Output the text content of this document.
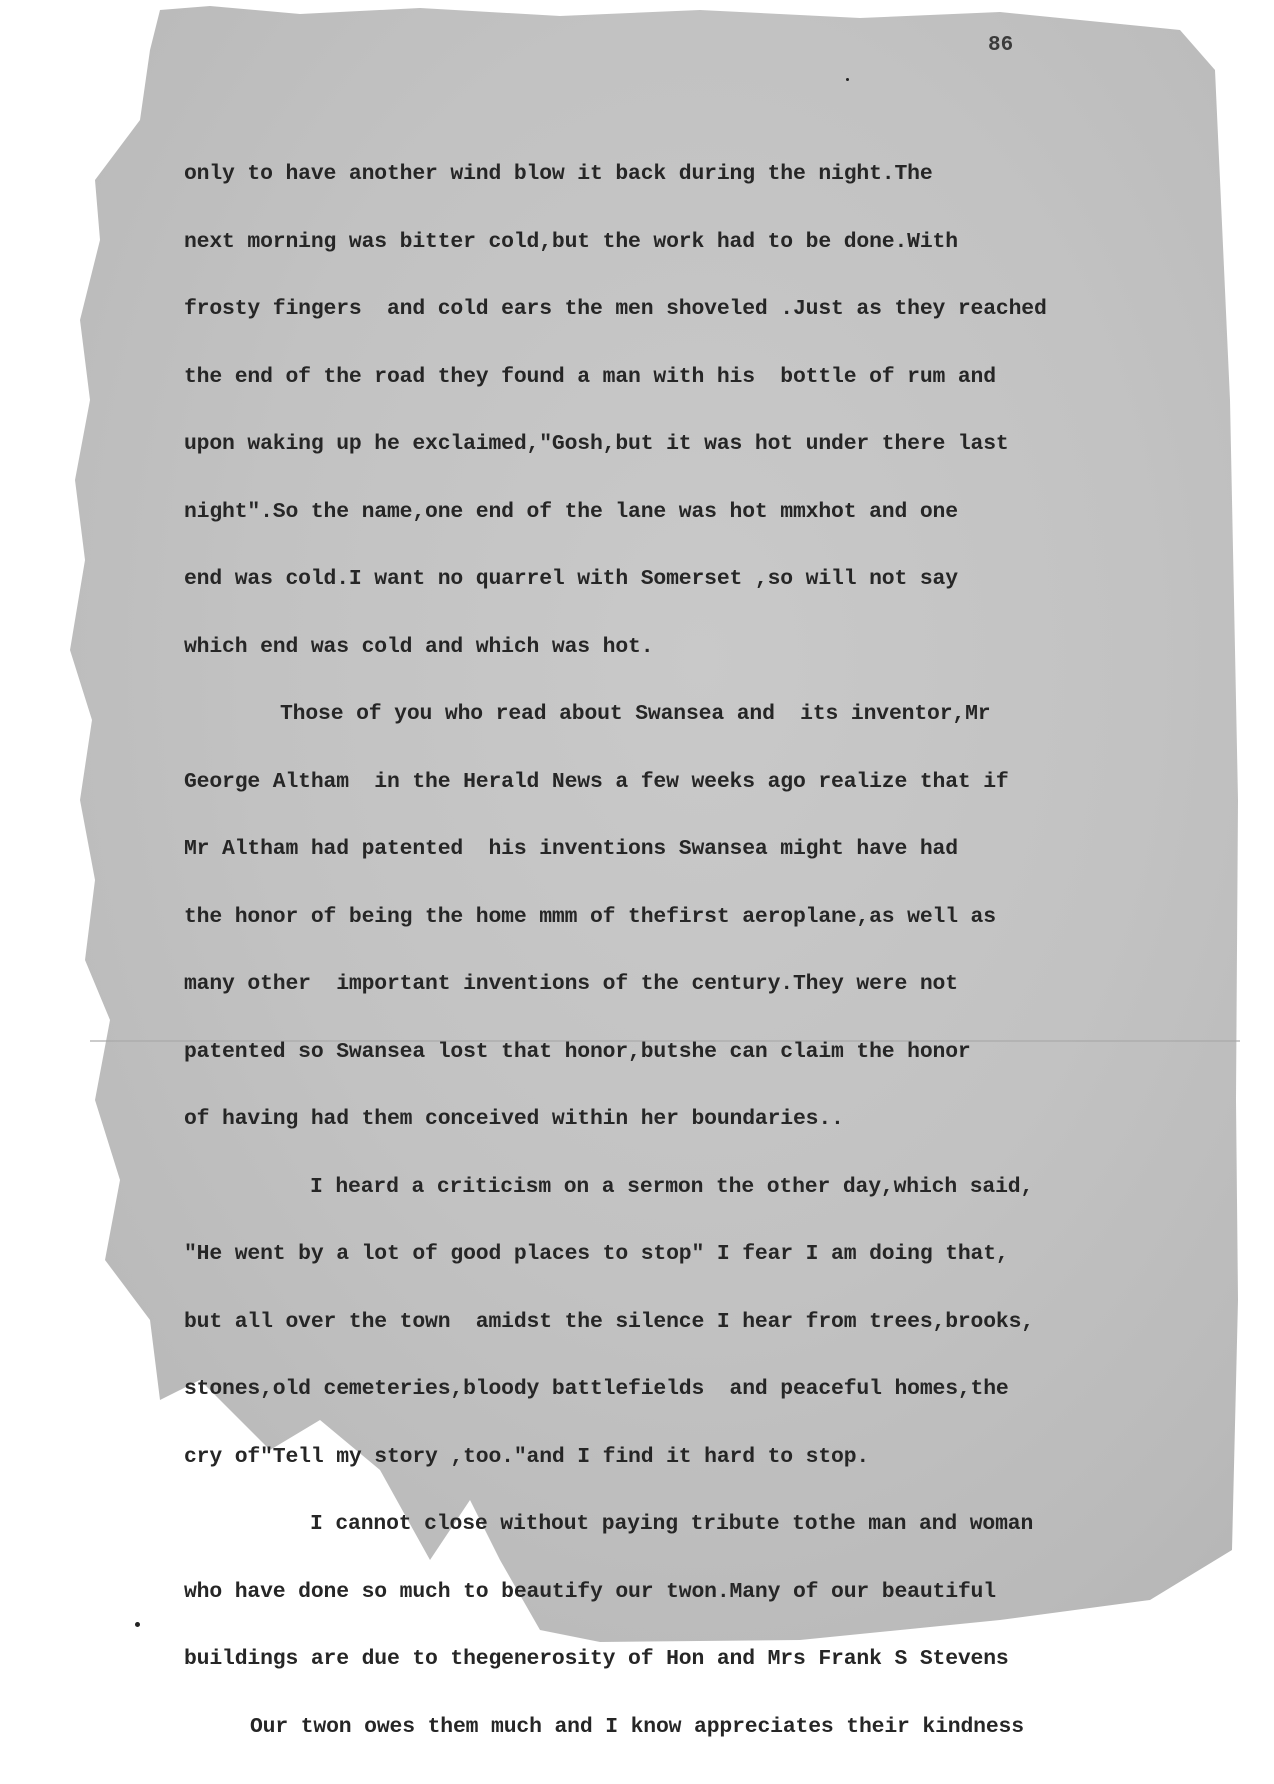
86

only to have another wind blow it back during the night.The

next morning was bitter cold,but the work had to be done.With

frosty fingers  and cold ears the men shoveled .Just as they reached

the end of the road they found a man with his  bottle of rum and

upon waking up he exclaimed,"Gosh,but it was hot under there last

night".So the name,one end of the lane was hot mmxhot and one

end was cold.I want no quarrel with Somerset ,so will not say

which end was cold and which was hot.

Those of you who read about Swansea and  its inventor,Mr

George Altham  in the Herald News a few weeks ago realize that if

Mr Altham had patented  his inventions Swansea might have had

the honor of being the home mmm of thefirst aeroplane,as well as

many other  important inventions of the century.They were not

patented so Swansea lost that honor,butshe can claim the honor

of having had them conceived within her boundaries..

I heard a criticism on a sermon the other day,which said,

"He went by a lot of good places to stop" I fear I am doing that,

but all over the town  amidst the silence I hear from trees,brooks,

stones,old cemeteries,bloody battlefields  and peaceful homes,the

cry of"Tell my story ,too."and I find it hard to stop.

I cannot close without paying tribute tothe man and woman

who have done so much to beautify our twon.Many of our beautiful

buildings are due to thegenerosity of Hon and Mrs Frank S Stevens

Our twon owes them much and I know appreciates their kindness
